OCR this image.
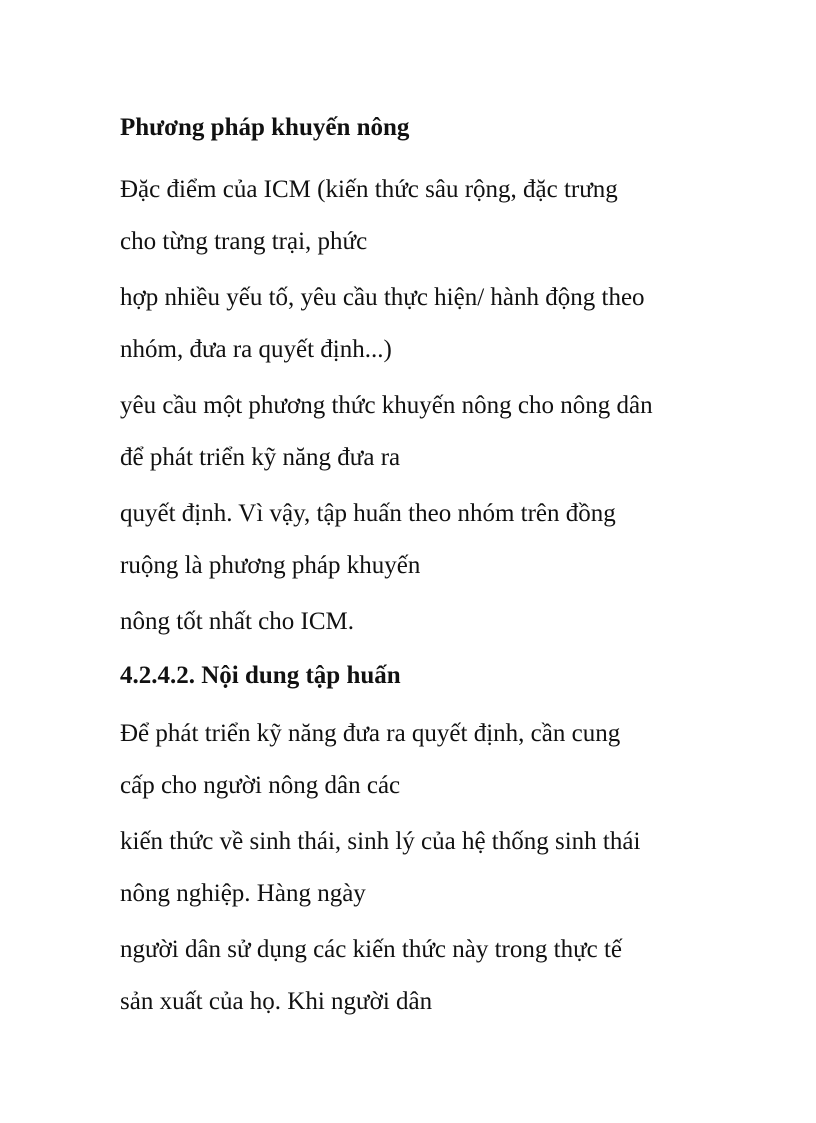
Phương pháp khuyến nông
Đặc điểm của ICM (kiến thức sâu rộng, đặc trưng
cho từng trang trại, phức
hợp nhiều yếu tố, yêu cầu thực hiện/ hành động theo
nhóm, đưa ra quyết định...)
yêu cầu một phương thức khuyến nông cho nông dân
để phát triển kỹ năng đưa ra
quyết định. Vì vậy, tập huấn theo nhóm trên đồng
ruộng là phương pháp khuyến
nông tốt nhất cho ICM.
4.2.4.2. Nội dung tập huấn
Để phát triển kỹ năng đưa ra quyết định, cần cung
cấp cho người nông dân các
kiến thức về sinh thái, sinh lý của hệ thống sinh thái
nông nghiệp. Hàng ngày
người dân sử dụng các kiến thức này trong thực tế
sản xuất của họ. Khi người dân
